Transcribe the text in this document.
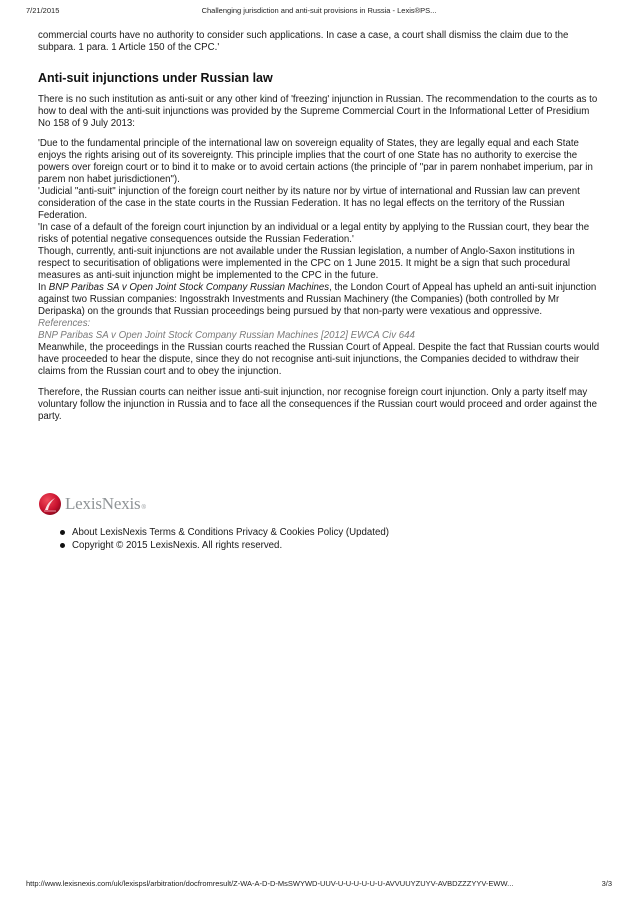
7/21/2015	Challenging jurisdiction and anti-suit provisions in Russia - Lexis®PS...

commercial courts have no authority to consider such applications. In case a case, a court shall dismiss the claim due to the subpara. 1 para. 1 Article 150 of the CPC.'

Anti-suit injunctions under Russian law

There is no such institution as anti-suit or any other kind of 'freezing' injunction in Russian. The recommendation to the courts as to how to deal with the anti-suit injunctions was provided by the Supreme Commercial Court in the Informational Letter of Presidium No 158 of 9 July 2013:

'Due to the fundamental principle of the international law on sovereign equality of States, they are legally equal and each State enjoys the rights arising out of its sovereignty. This principle implies that the court of one State has no authority to exercise the powers over foreign court or to bind it to make or to avoid certain actions (the principle of "par in parem nonhabet imperium, par in parem non habet jurisdictionen").

'Judicial "anti-suit" injunction of the foreign court neither by its nature nor by virtue of international and Russian law can prevent consideration of the case in the state courts in the Russian Federation. It has no legal effects on the territory of the Russian Federation.

'In case of a default of the foreign court injunction by an individual or a legal entity by applying to the Russian court, they bear the risks of potential negative consequences outside the Russian Federation.'

Though, currently, anti-suit injunctions are not available under the Russian legislation, a number of Anglo-Saxon institutions in respect to securitisation of obligations were implemented in the CPC on 1 June 2015. It might be a sign that such procedural measures as anti-suit injunction might be implemented to the CPC in the future.

In BNP Paribas SA v Open Joint Stock Company Russian Machines, the London Court of Appeal has upheld an anti-suit injunction against two Russian companies: Ingosstrakh Investments and Russian Machinery (the Companies) (both controlled by Mr Deripaska) on the grounds that Russian proceedings being pursued by that non-party were vexatious and oppressive.

References:

BNP Paribas SA v Open Joint Stock Company Russian Machines [2012] EWCA Civ 644

Meanwhile, the proceedings in the Russian courts reached the Russian Court of Appeal. Despite the fact that Russian courts would have proceeded to hear the dispute, since they do not recognise anti-suit injunctions, the Companies decided to withdraw their claims from the Russian court and to obey the injunction.

Therefore, the Russian courts can neither issue anti-suit injunction, nor recognise foreign court injunction. Only a party itself may voluntary follow the injunction in Russia and to face all the consequences if the Russian court would proceed and order against the party.

LexisNexis ®
About LexisNexis Terms & Conditions Privacy & Cookies Policy (Updated)
Copyright © 2015 LexisNexis. All rights reserved.
http://www.lexisnexis.com/uk/lexispsl/arbitration/docfromresult/Z-WA-A-D-D-MsSWYWD-UUV-U-U-U-U-U-U-AVVUUYZUYV-AVBDZZZYYV-EWW...	3/3
